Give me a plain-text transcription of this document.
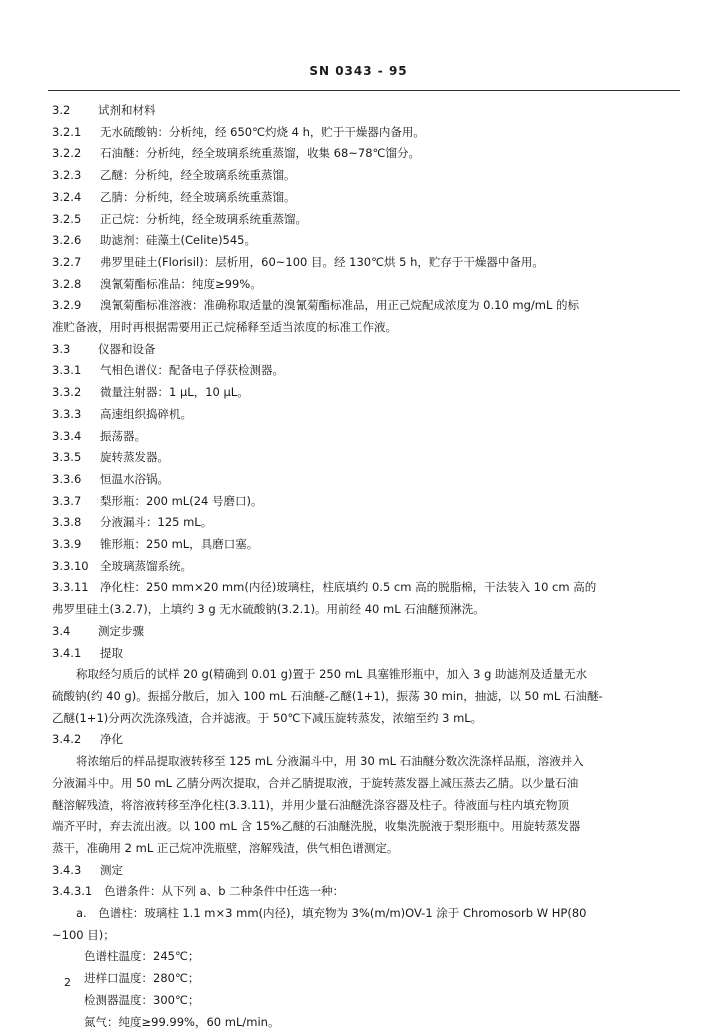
SN 0343 - 95
3.2 试剂和材料
3.2.1 无水硫酸钠：分析纯，经 650℃灼烧 4 h，贮于干燥器内备用。
3.2.2 石油醚：分析纯，经全玻璃系统重蒸馏，收集 68~78℃馏分。
3.2.3 乙醚：分析纯，经全玻璃系统重蒸馏。
3.2.4 乙腈：分析纯，经全玻璃系统重蒸馏。
3.2.5 正己烷：分析纯，经全玻璃系统重蒸馏。
3.2.6 助滤剂：硅藻土(Celite)545。
3.2.7 弗罗里硅土(Florisil)：层析用，60~100 目。经 130℃烘 5 h，贮存于干燥器中备用。
3.2.8 溴氰菊酯标准品：纯度≥99%。
3.2.9 溴氰菊酯标准溶液：准确称取适量的溴氰菊酯标准品，用正己烷配成浓度为 0.10 mg/mL 的标
准贮备液，用时再根据需要用正己烷稀释至适当浓度的标准工作液。
3.3 仪器和设备
3.3.1 气相色谱仪：配备电子俘获检测器。
3.3.2 微量注射器：1 μL，10 μL。
3.3.3 高速组织捣碎机。
3.3.4 振荡器。
3.3.5 旋转蒸发器。
3.3.6 恒温水浴锅。
3.3.7 梨形瓶：200 mL(24 号磨口)。
3.3.8 分液漏斗：125 mL。
3.3.9 锥形瓶：250 mL，具磨口塞。
3.3.10 全玻璃蒸馏系统。
3.3.11 净化柱：250 mm×20 mm(内径)玻璃柱，柱底填约 0.5 cm 高的脱脂棉，干法装入 10 cm 高的
弗罗里硅土(3.2.7)，上填约 3 g 无水硫酸钠(3.2.1)。用前经 40 mL 石油醚预淋洗。
3.4 测定步骤
3.4.1 提取
称取经匀质后的试样 20 g(精确到 0.01 g)置于 250 mL 具塞锥形瓶中，加入 3 g 助滤剂及适量无水
硫酸钠(约 40 g)。振摇分散后，加入 100 mL 石油醚-乙醚(1+1)，振荡 30 min，抽滤，以 50 mL 石油醚-
乙醚(1+1)分两次洗涤残渣，合并滤液。于 50℃下减压旋转蒸发，浓缩至约 3 mL。
3.4.2 净化
将浓缩后的样品提取液转移至 125 mL 分液漏斗中，用 30 mL 石油醚分数次洗涤样品瓶，溶液并入
分液漏斗中。用 50 mL 乙腈分两次提取，合并乙腈提取液，于旋转蒸发器上减压蒸去乙腈。以少量石油
醚溶解残渣，将溶液转移至净化柱(3.3.11)，并用少量石油醚洗涤容器及柱子。待液面与柱内填充物顶
端齐平时，弃去流出液。以 100 mL 含 15%乙醚的石油醚洗脱，收集洗脱液于梨形瓶中。用旋转蒸发器
蒸干，准确用 2 mL 正己烷冲洗瓶壁，溶解残渣，供气相色谱测定。
3.4.3 测定
3.4.3.1 色谱条件：从下列 a、b 二种条件中任选一种：
a.　色谱柱：玻璃柱 1.1 m×3 mm(内径)，填充物为 3%(m/m)OV-1 涂于 Chromosorb W HP(80
~100 目)；
色谱柱温度：245℃；
进样口温度：280℃；
检测器温度：300℃；
氮气：纯度≥99.99%，60 mL/min。
2
